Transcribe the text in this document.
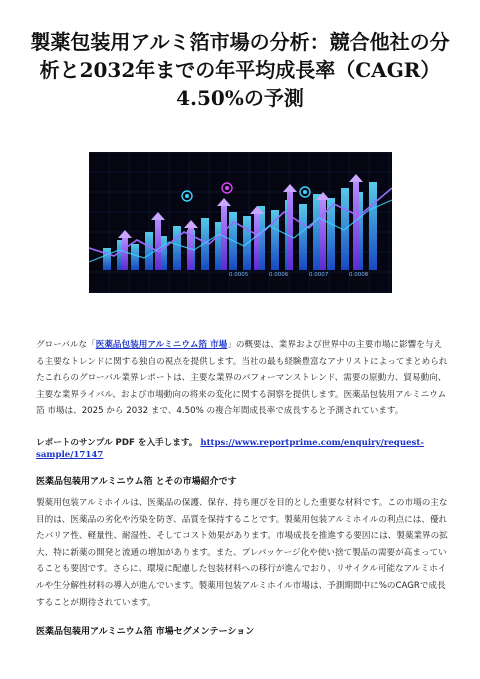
製薬包装用アルミ箔市場の分析：競合他社の分
析と2032年までの年平均成長率（CAGR）
4.50%の予測
0.0005	0.0006	0.0007	0.0008

グローバルな「医薬品包装用アルミニウム箔 市場」の概要は、業界および世界中の主要市場に影響を与える主要なトレンドに関する独自の視点を提供します。当社の最も経験豊富なアナリストによってまとめられたこれらのグローバル業界レポートは、主要な業界のパフォーマンストレンド、需要の原動力、貿易動向、主要な業界ライバル、および市場動向の将来の変化に関する洞察を提供します。医薬品包装用アルミニウム箔 市場は、2025 から 2032 まで、4.50% の複合年間成長率で成長すると予測されています。

レポートのサンプル PDF を入手します。 https://www.reportprime.com/enquiry/request-sample/17147
医薬品包装用アルミニウム箔 とその市場紹介です

製薬用包装アルミホイルは、医薬品の保護、保存、持ち運びを目的とした重要な材料です。この市場の主な目的は、医薬品の劣化や汚染を防ぎ、品質を保持することです。製薬用包装アルミホイルの利点には、優れたバリア性、軽量性、耐湿性、そしてコスト効果があります。市場成長を推進する要因には、製薬業界の拡大、特に新薬の開発と流通の増加があります。また、プレパッケージ化や使い捨て製品の需要が高まっていることも要因です。さらに、環境に配慮した包装材料への移行が進んでおり、リサイクル可能なアルミホイルや生分解性材料の導入が進んでいます。製薬用包装アルミホイル市場は、予測期間中に%のCAGRで成長することが期待されています。

医薬品包装用アルミニウム箔 市場セグメンテーション
